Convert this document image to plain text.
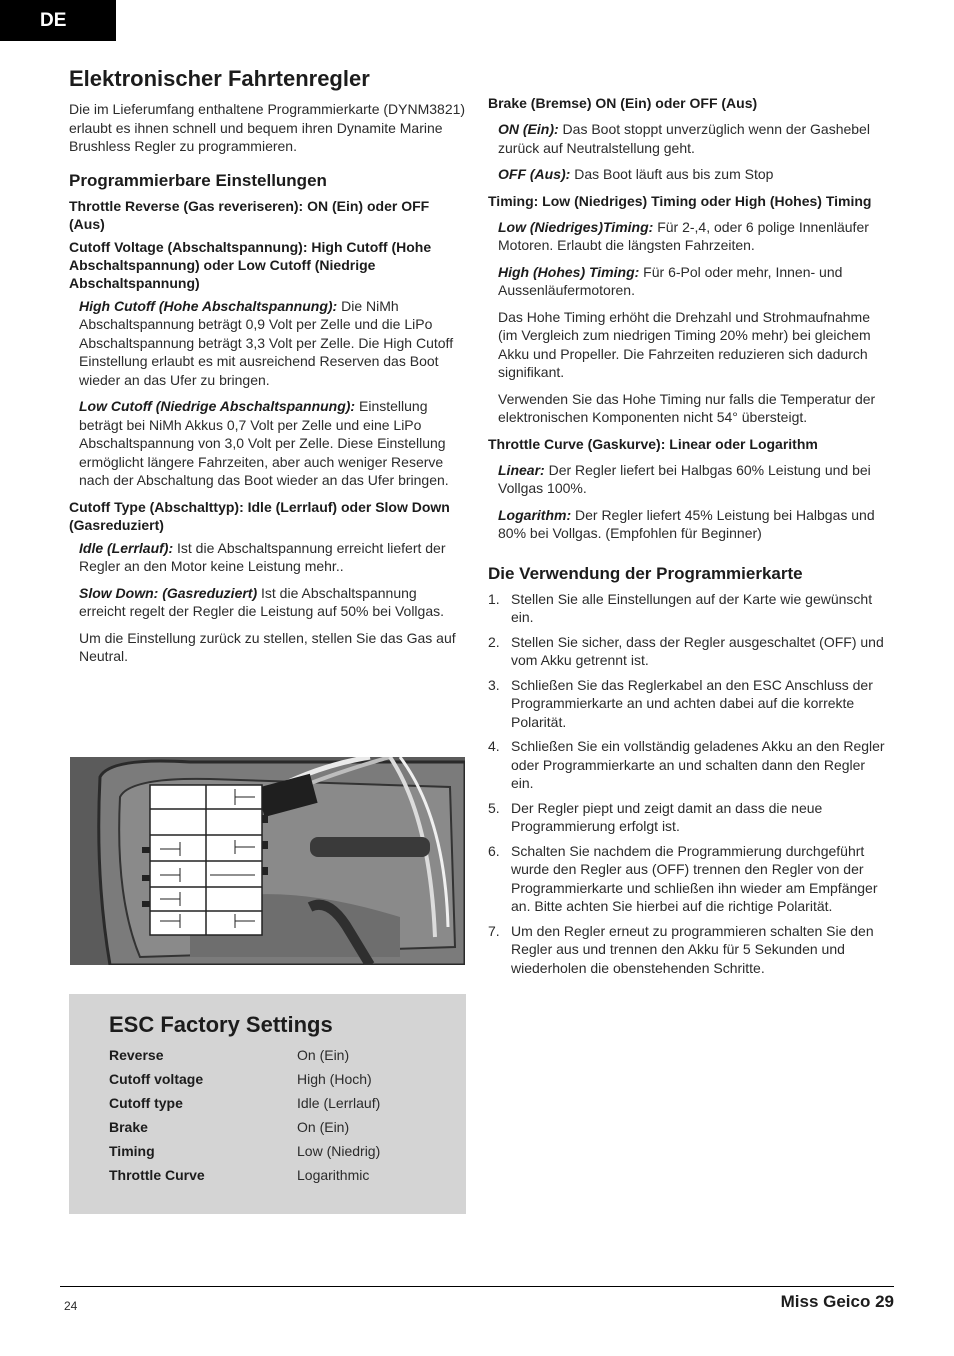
DE
Elektronischer Fahrtenregler

Die im Lieferumfang enthaltene Programmierkarte (DYNM3821) erlaubt es ihnen schnell und bequem ihren Dynamite Marine Brushless Regler zu programmieren.

Programmierbare Einstellungen

Throttle Reverse (Gas reveriseren): ON (Ein) oder OFF (Aus)

Cutoff Voltage (Abschaltspannung): High Cutoff (Hohe Abschaltspannung) oder Low Cutoff (Niedrige Abschaltspannung)

High Cutoff (Hohe Abschaltspannung): Die NiMh Abschaltspannung beträgt 0,9 Volt per Zelle und die LiPo Abschaltspannung beträgt 3,3 Volt per Zelle. Die High Cutoff Einstellung erlaubt es mit ausreichend Reserven das Boot wieder an das Ufer zu bringen.

Low Cutoff (Niedrige Abschaltspannung): Einstellung beträgt bei NiMh Akkus 0,7 Volt per Zelle und eine LiPo Abschaltspannung von 3,0 Volt per Zelle. Diese Einstellung ermöglicht längere Fahrzeiten, aber auch weniger Reserve nach der Abschaltung das Boot wieder an das Ufer bringen.

Cutoff Type (Abschalttyp): Idle (Lerrlauf) oder Slow Down (Gasreduziert)

Idle (Lerrlauf): Ist die Abschaltspannung erreicht liefert der Regler an den Motor keine Leistung mehr..

Slow Down: (Gasreduziert) Ist die Abschaltspannung erreicht regelt der Regler die Leistung auf 50% bei Vollgas.

Um die Einstellung zurück zu stellen, stellen Sie das Gas auf Neutral.

ESC Factory Settings
Reverse	On (Ein)
Cutoff voltage	High (Hoch)
Cutoff type	Idle (Lerrlauf)
Brake	On (Ein)
Timing	Low (Niedrig)
Throttle Curve	Logarithmic

Brake (Bremse) ON (Ein) oder OFF (Aus)

ON (Ein): Das Boot stoppt unverzüglich wenn der Gashebel zurück auf Neutralstellung geht.

OFF (Aus): Das Boot läuft aus bis zum Stop

Timing: Low (Niedriges) Timing oder High (Hohes) Timing

Low (Niedriges)Timing: Für 2-,4, oder 6 polige Innenläufer Motoren. Erlaubt die längsten Fahrzeiten.

High (Hohes) Timing: Für 6-Pol oder mehr, Innen- und Aussenläufermotoren.

Das Hohe Timing erhöht die Drehzahl und Strohmaufnahme (im Vergleich zum niedrigen Timing 20% mehr) bei gleichem Akku und Propeller. Die Fahrzeiten reduzieren sich dadurch signifikant.

Verwenden Sie das Hohe Timing nur falls die Temperatur der elektronischen Komponenten nicht 54° übersteigt.

Throttle Curve (Gaskurve): Linear oder Logarithm

Linear: Der Regler liefert bei Halbgas 60% Leistung und bei Vollgas 100%.

Logarithm: Der Regler liefert 45% Leistung bei Halbgas und 80% bei Vollgas. (Empfohlen für Beginner)

Die Verwendung der Programmierkarte
1. Stellen Sie alle Einstellungen auf der Karte wie gewünscht ein.
2. Stellen Sie sicher, dass der Regler ausgeschaltet (OFF) und vom Akku getrennt ist.
3. Schließen Sie das Reglerkabel an den ESC Anschluss der Programmierkarte an und achten dabei auf die korrekte Polarität.
4. Schließen Sie ein vollständig geladenes Akku an den Regler oder Programmierkarte an und schalten dann den Regler ein.
5. Der Regler piept und zeigt damit an dass die neue Programmierung erfolgt ist.
6. Schalten Sie nachdem die Programmierung durchgeführt wurde den Regler aus (OFF) trennen den Regler von der Programmierkarte und schließen ihn wieder am Empfänger an. Bitte achten Sie hierbei auf die richtige Polarität.
7. Um den Regler erneut zu programmieren schalten Sie den Regler aus und trennen den Akku für 5 Sekunden und wiederholen die obenstehenden Schritte.
24	Miss Geico 29
